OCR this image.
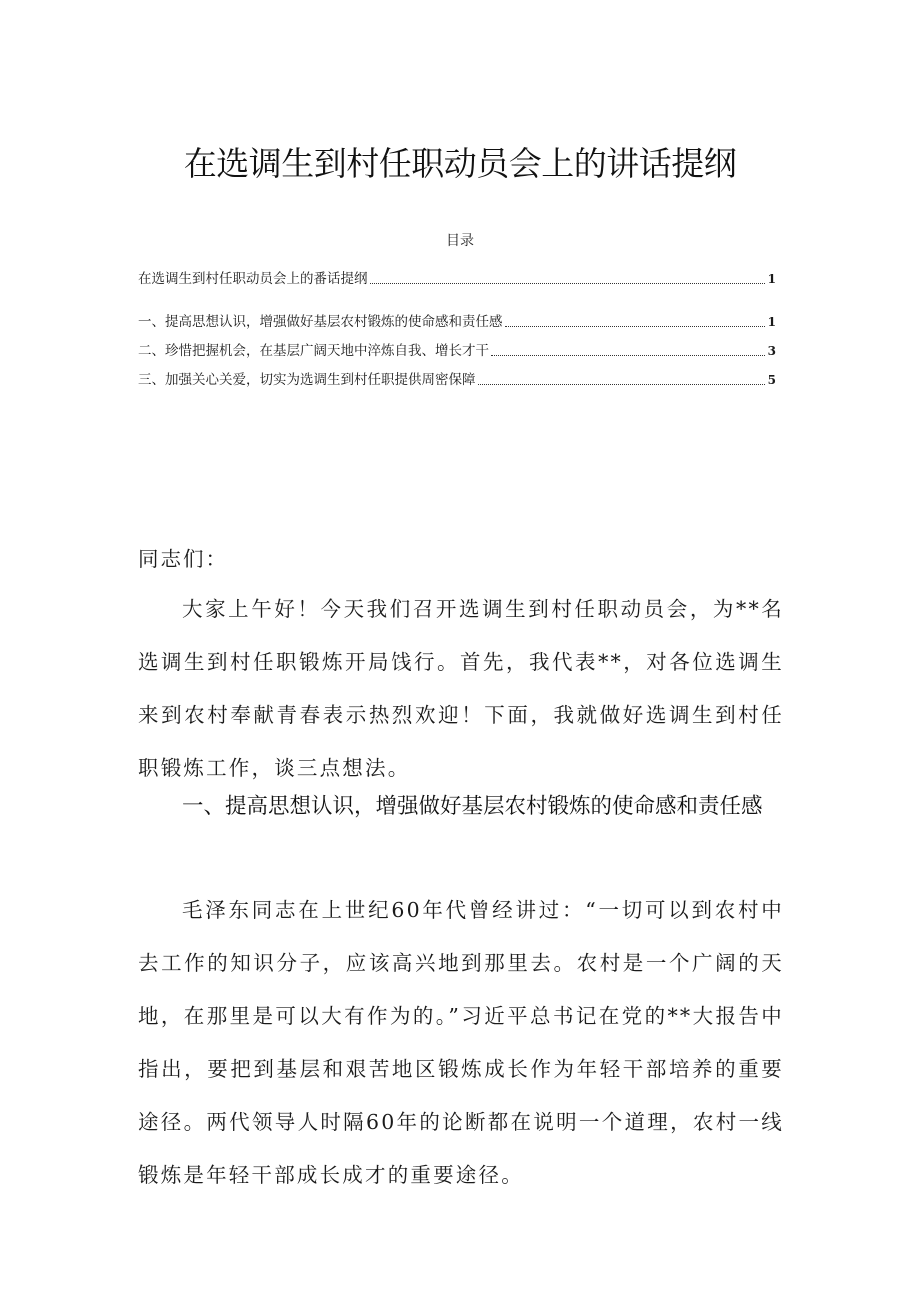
在选调生到村任职动员会上的讲话提纲
目录
在选调生到村任职动员会上的番话提纲	1
一、提高思想认识，增强做好基层农村锻炼的使命感和责任感	1
二、珍惜把握机会，在基层广阔天地中淬炼自我、增长才干	3
三、加强关心关爱，切实为选调生到村任职提供周密保障	5

同志们：

大家上午好！今天我们召开选调生到村任职动员会，为**名选调生到村任职锻炼开局饯行。首先，我代表**，对各位选调生来到农村奉献青春表示热烈欢迎！下面，我就做好选调生到村任职锻炼工作，谈三点想法。

一、提高思想认识，增强做好基层农村锻炼的使命感和责任感

毛泽东同志在上世纪60年代曾经讲过：“一切可以到农村中去工作的知识分子，应该高兴地到那里去。农村是一个广阔的天地，在那里是可以大有作为的。”习近平总书记在党的**大报告中指出，要把到基层和艰苦地区锻炼成长作为年轻干部培养的重要途径。两代领导人时隔60年的论断都在说明一个道理，农村一线锻炼是年轻干部成长成才的重要途径。
